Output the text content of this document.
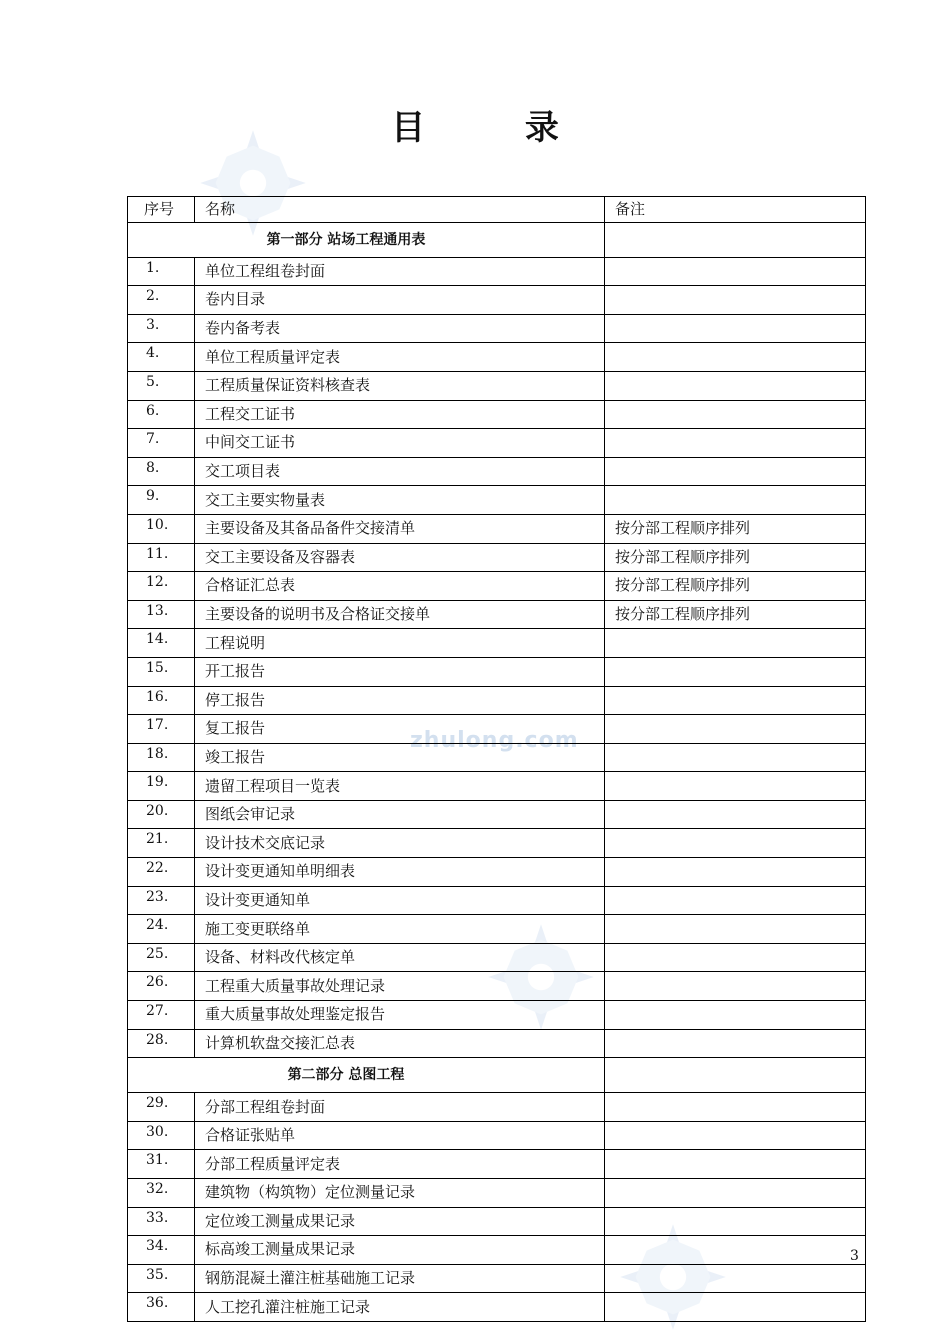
zhulong.com
目 录
序号	名称	备注
第一部分 站场工程通用表		
1.	单位工程组卷封面	
2.	卷内目录	
3.	卷内备考表	
4.	单位工程质量评定表	
5.	工程质量保证资料核查表	
6.	工程交工证书	
7.	中间交工证书	
8.	交工项目表	
9.	交工主要实物量表	
10.	主要设备及其备品备件交接清单	按分部工程顺序排列
11.	交工主要设备及容器表	按分部工程顺序排列
12.	合格证汇总表	按分部工程顺序排列
13.	主要设备的说明书及合格证交接单	按分部工程顺序排列
14.	工程说明	
15.	开工报告	
16.	停工报告	
17.	复工报告	
18.	竣工报告	
19.	遗留工程项目一览表	
20.	图纸会审记录	
21.	设计技术交底记录	
22.	设计变更通知单明细表	
23.	设计变更通知单	
24.	施工变更联络单	
25.	设备、材料改代核定单	
26.	工程重大质量事故处理记录	
27.	重大质量事故处理鉴定报告	
28.	计算机软盘交接汇总表	
第二部分 总图工程		
29.	分部工程组卷封面	
30.	合格证张贴单	
31.	分部工程质量评定表	
32.	建筑物（构筑物）定位测量记录	
33.	定位竣工测量成果记录	
34.	标高竣工测量成果记录	
35.	钢筋混凝土灌注桩基础施工记录	
36.	人工挖孔灌注桩施工记录	
3
